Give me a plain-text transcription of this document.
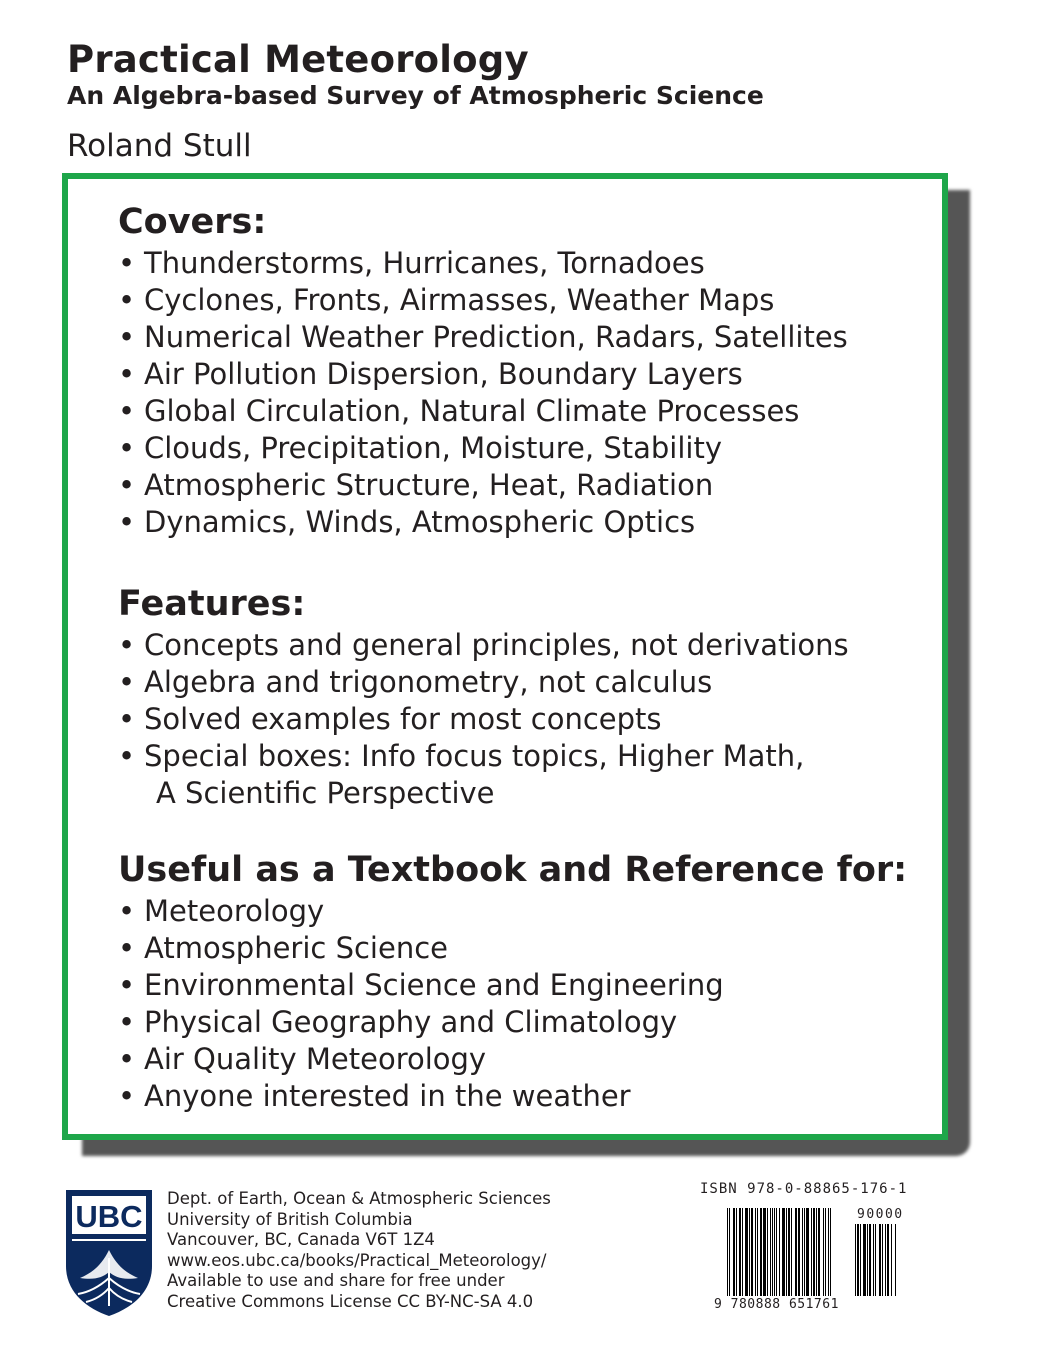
Practical Meteorology
An Algebra-based Survey of Atmospheric Science
Roland Stull
Covers:
• Thunderstorms, Hurricanes, Tornadoes
• Cyclones, Fronts, Airmasses, Weather Maps
• Numerical Weather Prediction, Radars, Satellites
• Air Pollution Dispersion, Boundary Layers
• Global Circulation, Natural Climate Processes
• Clouds, Precipitation, Moisture, Stability
• Atmospheric Structure, Heat, Radiation
• Dynamics, Winds, Atmospheric Optics
Features:
• Concepts and general principles, not derivations
• Algebra and trigonometry, not calculus
• Solved examples for most concepts
• Special boxes: Info focus topics, Higher Math,
A Scientific Perspective
Useful as a Textbook and Reference for:
• Meteorology
• Atmospheric Science
• Environmental Science and Engineering
• Physical Geography and Climatology
• Air Quality Meteorology
• Anyone interested in the weather
UBC
Dept. of Earth, Ocean & Atmospheric Sciences
University of British Columbia
Vancouver, BC, Canada V6T 1Z4
www.eos.ubc.ca/books/Practical_Meteorology/
Available to use and share for free under
Creative Commons License CC BY-NC-SA 4.0
ISBN 978-0-88865-176-1
90000
9 780888 651761
